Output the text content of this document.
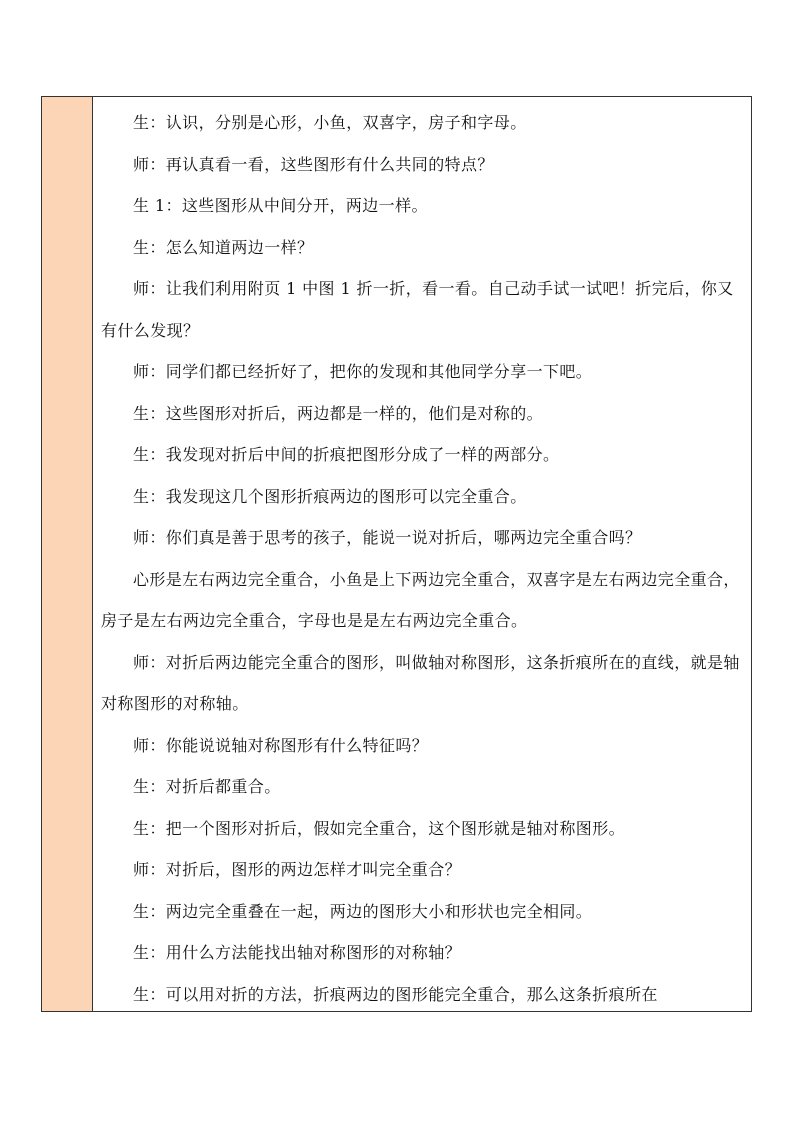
生：认识，分别是心形，小鱼，双喜字，房子和字母。

师：再认真看一看，这些图形有什么共同的特点？

生 1：这些图形从中间分开，两边一样。

生：怎么知道两边一样？

师：让我们利用附页 1 中图 1 折一折，看一看。自己动手试一试吧！折完后，你又有什么发现？

师：同学们都已经折好了，把你的发现和其他同学分享一下吧。

生：这些图形对折后，两边都是一样的，他们是对称的。

生：我发现对折后中间的折痕把图形分成了一样的两部分。

生：我发现这几个图形折痕两边的图形可以完全重合。

师：你们真是善于思考的孩子，能说一说对折后，哪两边完全重合吗？

心形是左右两边完全重合，小鱼是上下两边完全重合，双喜字是左右两边完全重合，房子是左右两边完全重合，字母也是是左右两边完全重合。

师：对折后两边能完全重合的图形，叫做轴对称图形，这条折痕所在的直线，就是轴对称图形的对称轴。

师：你能说说轴对称图形有什么特征吗？

生：对折后都重合。

生：把一个图形对折后，假如完全重合，这个图形就是轴对称图形。

师：对折后，图形的两边怎样才叫完全重合？

生：两边完全重叠在一起，两边的图形大小和形状也完全相同。

生：用什么方法能找出轴对称图形的对称轴？

生：可以用对折的方法，折痕两边的图形能完全重合，那么这条折痕所在
